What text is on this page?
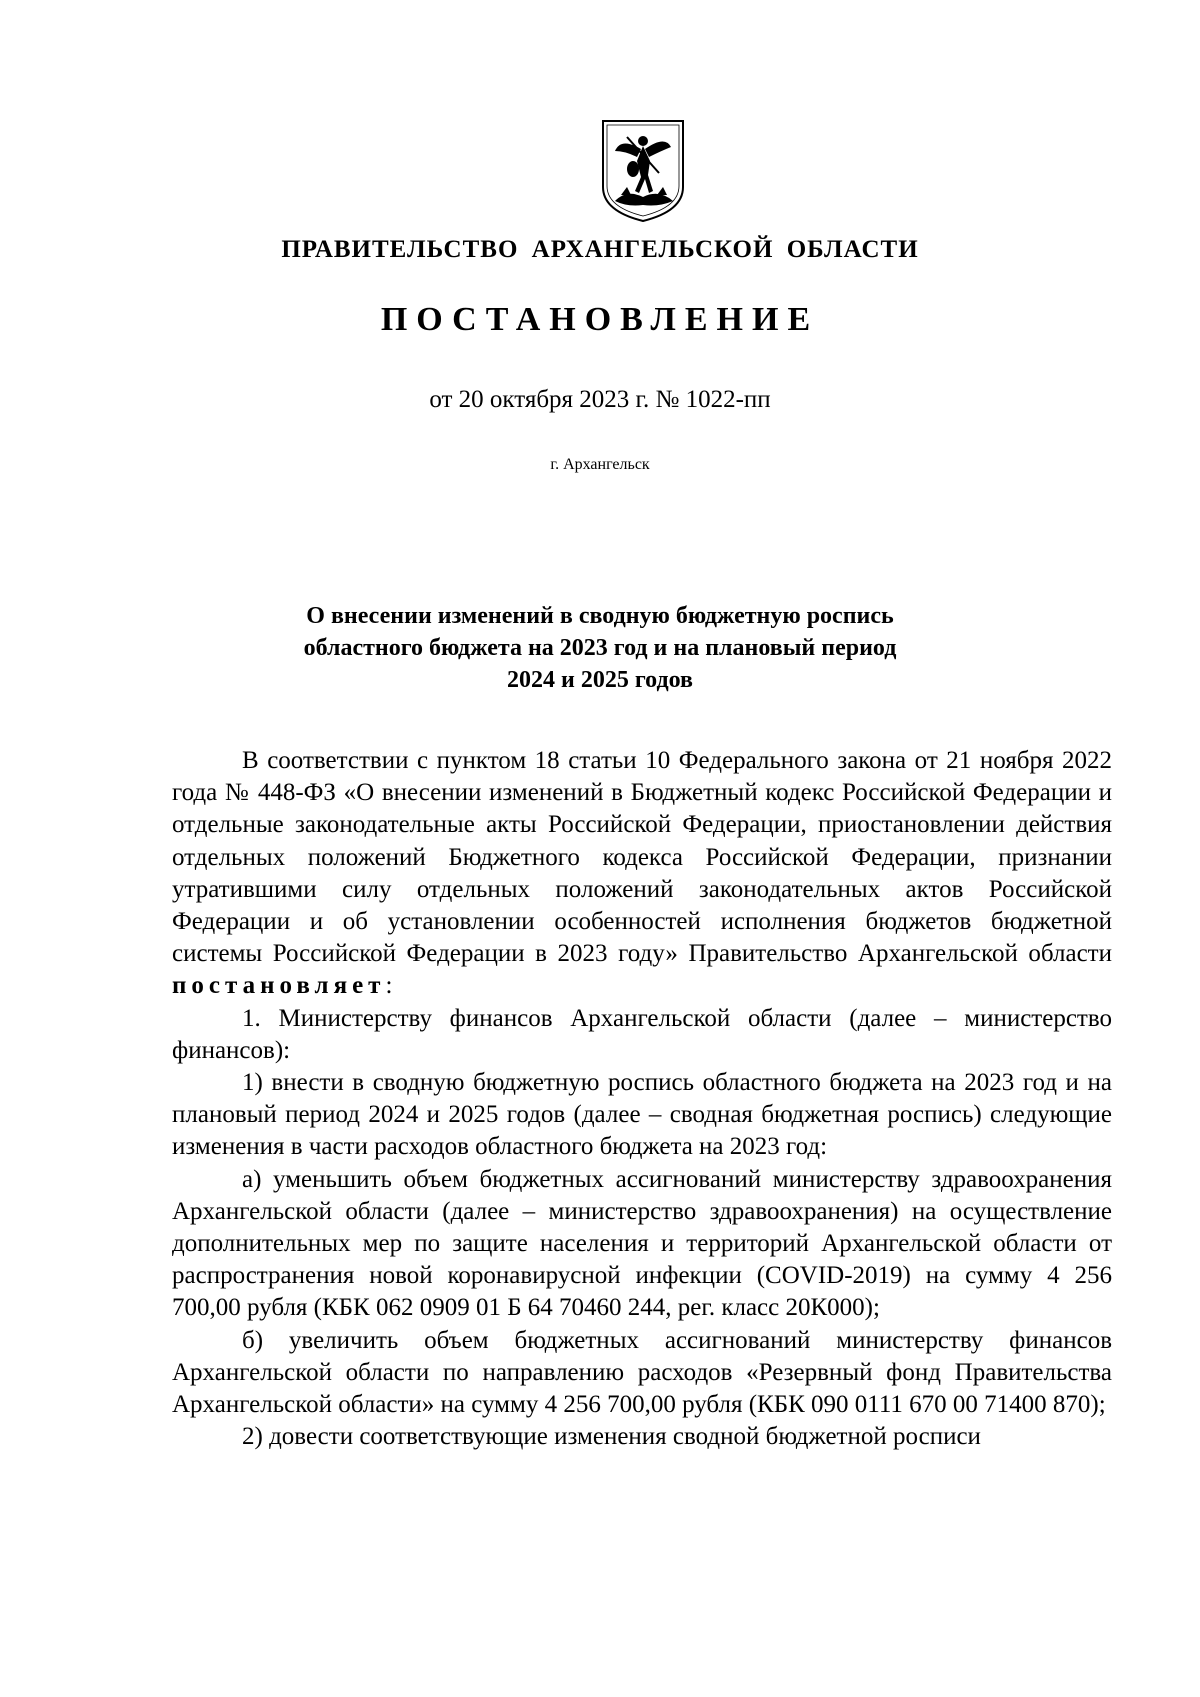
ПРАВИТЕЛЬСТВО АРХАНГЕЛЬСКОЙ ОБЛАСТИ
ПОСТАНОВЛЕНИЕ
от 20 октября 2023 г. № 1022-пп
г. Архангельск
О внесении изменений в сводную бюджетную роспись
областного бюджета на 2023 год и на плановый период
2024 и 2025 годов

В соответствии с пунктом 18 статьи 10 Федерального закона от 21 ноября 2022 года № 448-ФЗ «О внесении изменений в Бюджетный кодекс Российской Федерации и отдельные законодательные акты Российской Федерации, приостановлении действия отдельных положений Бюджетного кодекса Российской Федерации, признании утратившими силу отдельных положений законодательных актов Российской Федерации и об установлении особенностей исполнения бюджетов бюджетной системы Российской Федерации в 2023 году» Правительство Архангельской области постановляет:

1. Министерству финансов Архангельской области (далее – министерство финансов):

1) внести в сводную бюджетную роспись областного бюджета на 2023 год и на плановый период 2024 и 2025 годов (далее – сводная бюджетная роспись) следующие изменения в части расходов областного бюджета на 2023 год:

а) уменьшить объем бюджетных ассигнований министерству здравоохранения Архангельской области (далее – министерство здравоохранения) на осуществление дополнительных мер по защите населения и территорий Архангельской области от распространения новой коронавирусной инфекции (COVID-2019) на сумму 4 256 700,00 рубля (КБК 062 0909 01 Б 64 70460 244, рег. класс 20К000);

б) увеличить объем бюджетных ассигнований министерству финансов Архангельской области по направлению расходов «Резервный фонд Правительства Архангельской области» на сумму 4 256 700,00 рубля (КБК 090 0111 670 00 71400 870);

2) довести соответствующие изменения сводной бюджетной росписи
